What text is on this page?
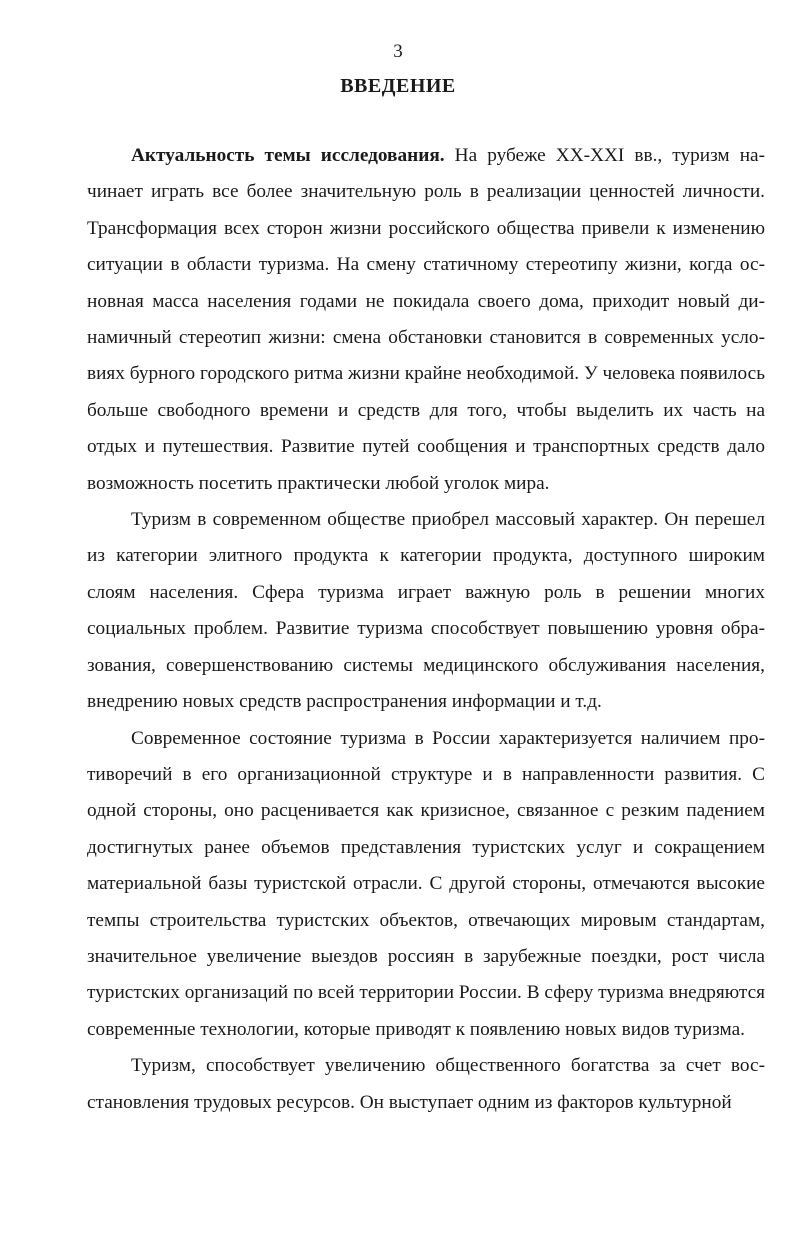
3
ВВЕДЕНИЕ

Актуальность темы исследования. На рубеже XX-XXI вв., туризм начинает играть все более значительную роль в реализации ценностей личности. Трансформация всех сторон жизни российского общества привели к изменению ситуации в области туризма. На смену статичному стереотипу жизни, когда основная масса населения годами не покидала своего дома, приходит новый динамичный стереотип жизни: смена обстановки становится в современных условиях бурного городского ритма жизни крайне необходимой. У человека появилось больше свободного времени и средств для того, чтобы выделить их часть на отдых и путешествия. Развитие путей сообщения и транспортных средств дало возможность посетить практически любой уголок мира.

Туризм в современном обществе приобрел массовый характер. Он перешел из категории элитного продукта к категории продукта, доступного широким слоям населения. Сфера туризма играет важную роль в решении многих социальных проблем. Развитие туризма способствует повышению уровня образования, совершенствованию системы медицинского обслуживания населения, внедрению новых средств распространения информации и т.д.

Современное состояние туризма в России характеризуется наличием противоречий в его организационной структуре и в направленности развития. С одной стороны, оно расценивается как кризисное, связанное с резким падением достигнутых ранее объемов представления туристских услуг и сокращением материальной базы туристской отрасли. С другой стороны, отмечаются высокие темпы строительства туристских объектов, отвечающих мировым стандартам, значительное увеличение выездов россиян в зарубежные поездки, рост числа туристских организаций по всей территории России. В сферу туризма внедряются современные технологии, которые приводят к появлению новых видов туризма.

Туризм, способствует увеличению общественного богатства за счет восстановления трудовых ресурсов. Он выступает одним из факторов культурной
